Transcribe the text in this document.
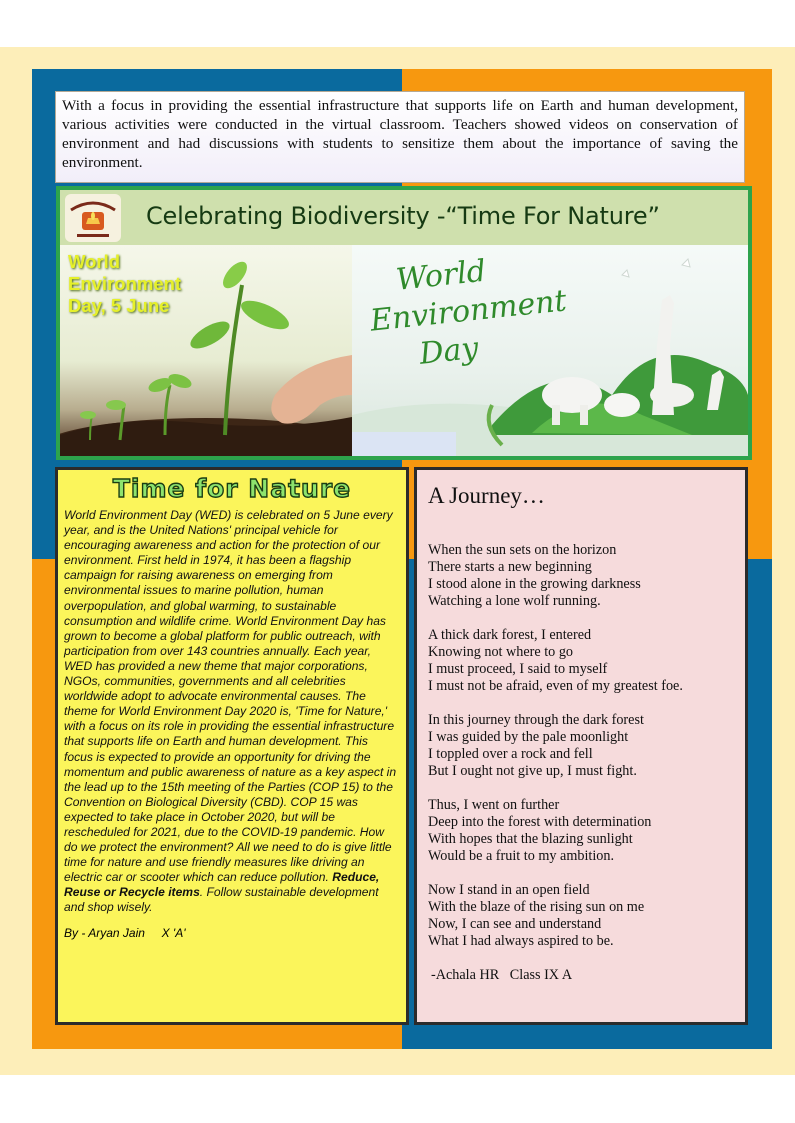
With a focus in providing the essential infrastructure that supports life on Earth and human development, various activities were conducted in the virtual classroom. Teachers showed videos on conservation of environment and had discussions with students to sensitize them about the importance of saving the environment.
Celebrating Biodiversity -“Time For Nature”
World
Environment
Day, 5 June
World
Environment
Day
Time for Nature

World Environment Day (WED) is celebrated on 5 June every year, and is the United Nations' principal vehicle for encouraging awareness and action for the protection of our environment. First held in 1974, it has been a flagship campaign for raising awareness on emerging from environmental issues to marine pollution, human overpopulation, and global warming, to sustainable consumption and wildlife crime. World Environment Day has grown to become a global platform for public outreach, with participation from over 143 countries annually. Each year, WED has provided a new theme that major corporations, NGOs, communities, governments and all celebrities worldwide adopt to advocate environmental causes. The theme for World Environment Day 2020 is, 'Time for Nature,' with a focus on its role in providing the essential infrastructure that supports life on Earth and human development. This focus is expected to provide an opportunity for driving the momentum and public awareness of nature as a key aspect in the lead up to the 15th meeting of the Parties (COP 15) to the Convention on Biological Diversity (CBD). COP 15 was expected to take place in October 2020, but will be rescheduled for 2021, due to the COVID-19 pandemic. How do we protect the environment? All we need to do is give little time for nature and use friendly measures like driving an electric car or scooter which can reduce pollution. Reduce, Reuse or Recycle items. Follow sustainable development and shop wisely.

By - Aryan Jain     X 'A'
A Journey…
When the sun sets on the horizon
There starts a new beginning
I stood alone in the growing darkness
Watching a lone wolf running.
A thick dark forest, I entered
Knowing not where to go
I must proceed, I said to myself
I must not be afraid, even of my greatest foe.
In this journey through the dark forest
I was guided by the pale moonlight
I toppled over a rock and fell
But I ought not give up, I must fight.
Thus, I went on further
Deep into the forest with determination
With hopes that the blazing sunlight
Would be a fruit to my ambition.
Now I stand in an open field
With the blaze of the rising sun on me
Now, I can see and understand
What I had always aspired to be.
-Achala HR   Class IX A
